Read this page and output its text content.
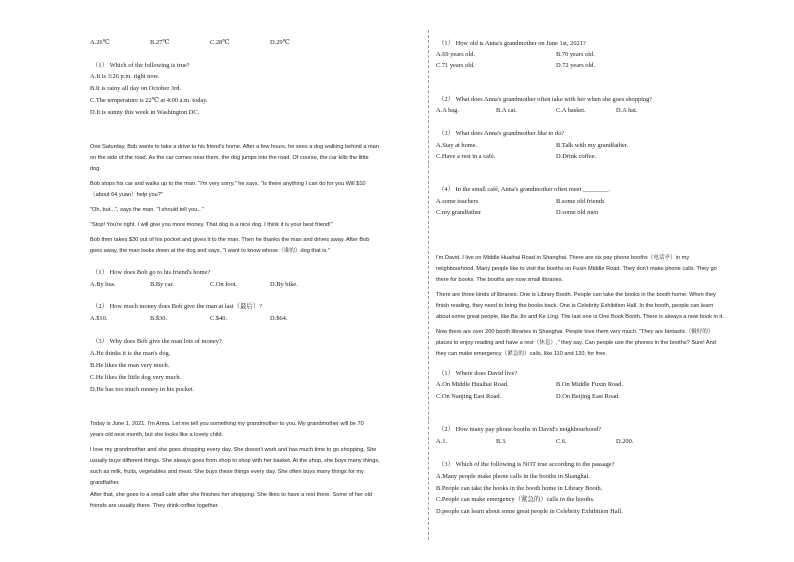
A.26℃	B.27℃	C.28℃	D.29℃
（1） Which of the following is true?
A.It is 3:26 p.m. right now.
B.It is rainy all day on October 3rd.
C.The temperature is 22℃ at 4:00 a.m. today.
D.It is sunny this week in Washington DC.
One Saturday, Bob wants to take a drive to his friend's home. After a few hours, he sees a dog walking behind a man
on the side of the road. As the car comes near them, the dog jumps into the road. Of course, the car kills the little
dog.
Bob stops his car and walks up to the man. "I'm very sorry," he says. "Is there anything I can do for you Will $10
（about 64 yuan）help you?"
"Oh, but...", says the man. "I should tell you..."
"Stop! You're right. I will give you more money. That dog is a nice dog. I think it is your best friend!"
Bob then takes $30 out of his pocket and gives it to the man. Then he thanks the man and drives away. After Bob
goes away, the man looks down at the dog and says, "I want to know whose（谁的）dog that is."
（1） How does Bob go to his friend's home?
A.By bus.	B.By car.	C.On foot.	D.By bike.
（2） How much money does Bob give the man at last（最后）?
A.$10.	B.$30.	C.$40.	D.$64.
（3） Why does Bob give the man lots of money?
A.He thinks it is the man's dog.
B.He likes the man very much.
C.He likes the little dog very much.
D.He has too much money in his pocket.
Today is June 1, 2021. I'm Anna. Let me tell you something my grandmother to you. My grandmother will be 70
years old next month, but she looks like a lovely child.
I love my grandmother and she goes shopping every day. She doesn't work and has much time to go shopping. She
usually buys different things. She always goes from shop to shop with her basket. At the shop, she buys many things,
such as milk, fruits, vegetables and meat. She buys these things every day. She often buys many things for my
grandfather.
After that, she goes to a small café after she finishes her shopping. She likes to have a rest there. Some of her old
friends are usually there. They drink coffee together.
（1） How old is Anna's grandmother on June 1st, 2021?
A.69 years old.	B.70 years old.
C.71 years old.	D.72 years old.
（2） What does Anna's grandmother often take with her when she goes shopping?
A.A bag.	B.A cat.	C.A basket.	D.A hat.
（3） What does Anna's grandmother like to do?
A.Stay at home.	B.Talk with my grandfather.
C.Have a rest in a café.	D.Drink coffee.
（4） In the small café, Anna's grandmother often meet ________.
A.some teachers	B.some old friends
C.my grandfather	D.some old men
I'm David. I live on Middle Huaihai Road in Shanghai. There are six pay phone booths（电话亭）in my
neighbourhood. Many people like to visit the booths on Fuxin Middle Road. They don't make phone calls. They go
there for books. The booths are now small libraries.
There are three kinds of libraries. One is Library Booth. People can take the books in the booth home. When they
finish reading, they need to bring the books back. One is Celebrity Exhibition Hall. In the booth, people can learn
about some great people, like Ba Jin and Ke Ling. The last one is One Book Booth. There is always a new book in it.
Now there are over 200 booth libraries in Shanghai. People love them very much. "They are fantastic（极好的）
places to enjoy reading and have a rest（休息）," they say. Can people use the phones in the booths? Sure! And
they can make emergency（紧急的）calls, like 110 and 120, for free.
（1） Where does David live?
A.On Middle Huaihai Road.	B.On Middle Fuxin Road.
C.On Nanjing East Road.	D.On Beijing East Road.
（2） How many pay phone booths in David's neighbourhood?
A.1.	B.3.	C.6.	D.200.
（3） Which of the following is NOT true according to the passage?
A.Many people make phone calls in the booths in Shanghai.
B.People can take the books in the booth home in Library Booth.
C.People can make emergency（紧急的）calls in the booths.
D.people can learn about some great people in Celebrity Exhibition Hall.
